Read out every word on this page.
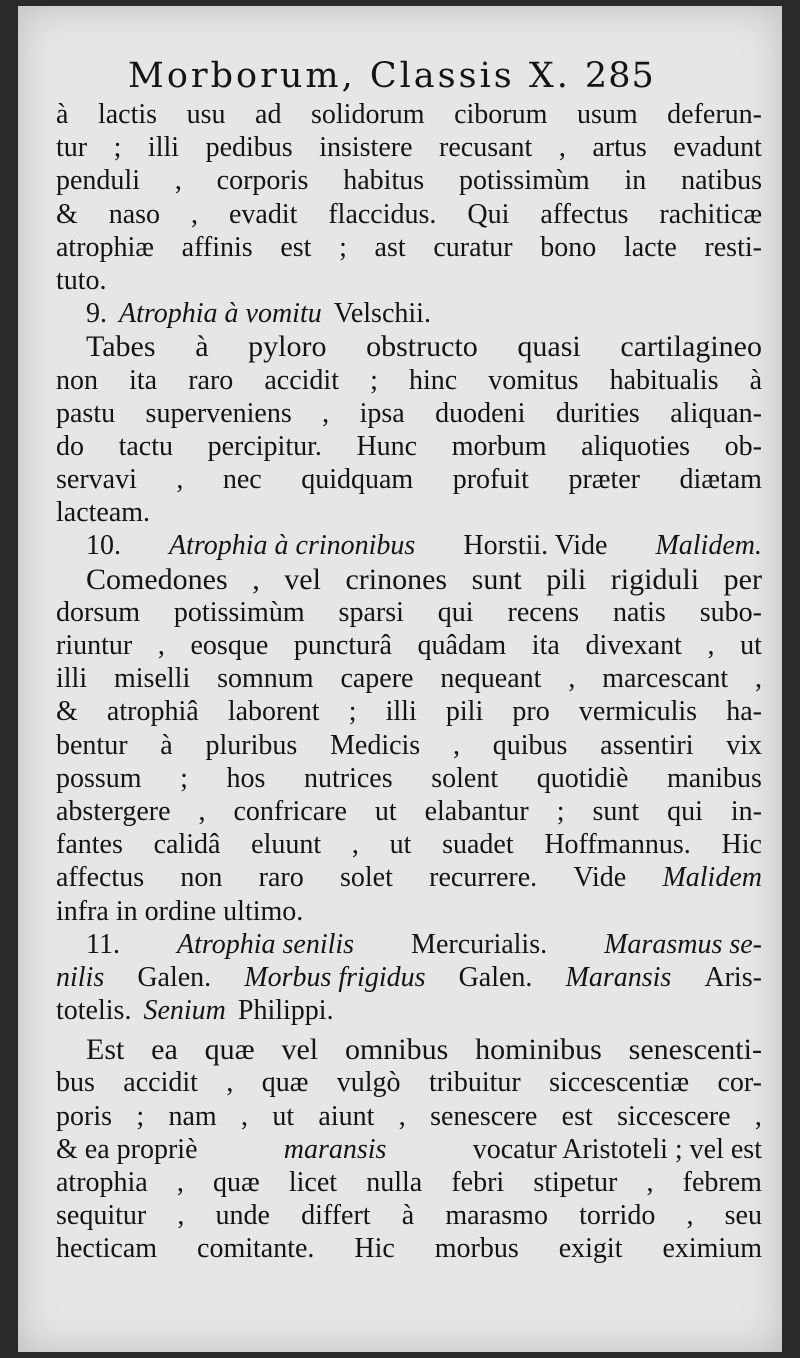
Morborum, Classis X. 285
à lactis usu ad solidorum ciborum usum deferun-
tur ; illi pedibus insistere recusant , artus evadunt
penduli , corporis habitus potissimùm in natibus
& naso , evadit flaccidus. Qui affectus rachiticæ
atrophiæ affinis est ; ast curatur bono lacte resti-
tuto.
9. Atrophia à vomitu Velschii.
Tabes à pyloro obstructo quasi cartilagineo
non ita raro accidit ; hinc vomitus habitualis à
pastu superveniens , ipsa duodeni durities aliquan-
do tactu percipitur. Hunc morbum aliquoties ob-
servavi , nec quidquam profuit præter diætam
lacteam.
10. Atrophia à crinonibus Horstii. Vide Malidem.
Comedones , vel crinones sunt pili rigiduli per
dorsum potissimùm sparsi qui recens natis subo-
riuntur , eosque puncturâ quâdam ita divexant , ut
illi miselli somnum capere nequeant , marcescant ,
& atrophiâ laborent ; illi pili pro vermiculis ha-
bentur à pluribus Medicis , quibus assentiri vix
possum ; hos nutrices solent quotidiè manibus
abstergere , confricare ut elabantur ; sunt qui in-
fantes calidâ eluunt , ut suadet Hoffmannus. Hic
affectus non raro solet recurrere. Vide Malidem
infra in ordine ultimo.
11. Atrophia senilis Mercurialis. Marasmus se-
nilis Galen. Morbus frigidus Galen. Maransis Aris-
totelis. Senium Philippi.
Est ea quæ vel omnibus hominibus senescenti-
bus accidit , quæ vulgò tribuitur siccescentiæ cor-
poris ; nam , ut aiunt , senescere est siccescere ,
& ea propriè	maransis	vocatur Aristoteli ; vel est
atrophia , quæ licet nulla febri stipetur , febrem
sequitur , unde differt à marasmo torrido , seu
hecticam comitante. Hic morbus exigit eximium
